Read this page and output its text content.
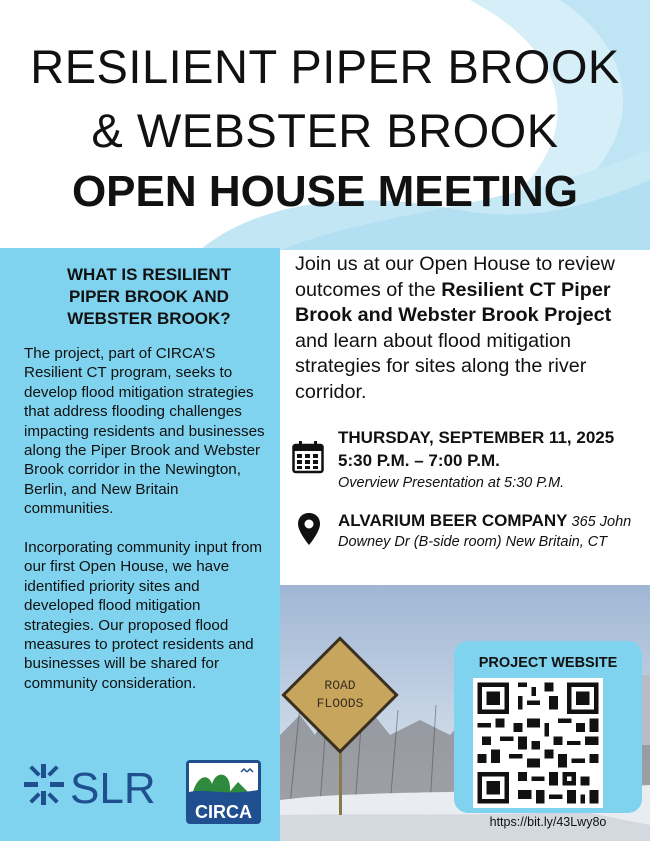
RESILIENT PIPER BROOK
& WEBSTER BROOK
OPEN HOUSE MEETING
WHAT IS RESILIENT PIPER BROOK AND WEBSTER BROOK?

The project, part of CIRCA’S Resilient CT program, seeks to develop flood mitigation strategies that address flooding challenges impacting residents and businesses along the Piper Brook and Webster Brook corridor in the Newington, Berlin, and New Britain communities.

Incorporating community input from our first Open House, we have identified priority sites and developed flood mitigation strategies. Our proposed flood measures to protect residents and businesses will be shared for community consideration.

SLR CIRCA
Join us at our Open House to review outcomes of the Resilient CT Piper Brook and Webster Brook Project and learn about flood mitigation strategies for sites along the river corridor.
THURSDAY, SEPTEMBER 11, 2025
5:30 P.M. – 7:00 P.M.
Overview Presentation at 5:30 P.M.
ALVARIUM BEER COMPANY 365 John Downey Dr (B-side room) New Britain, CT
ROAD
FLOODS
PROJECT WEBSITE
https://bit.ly/43Lwy8o
